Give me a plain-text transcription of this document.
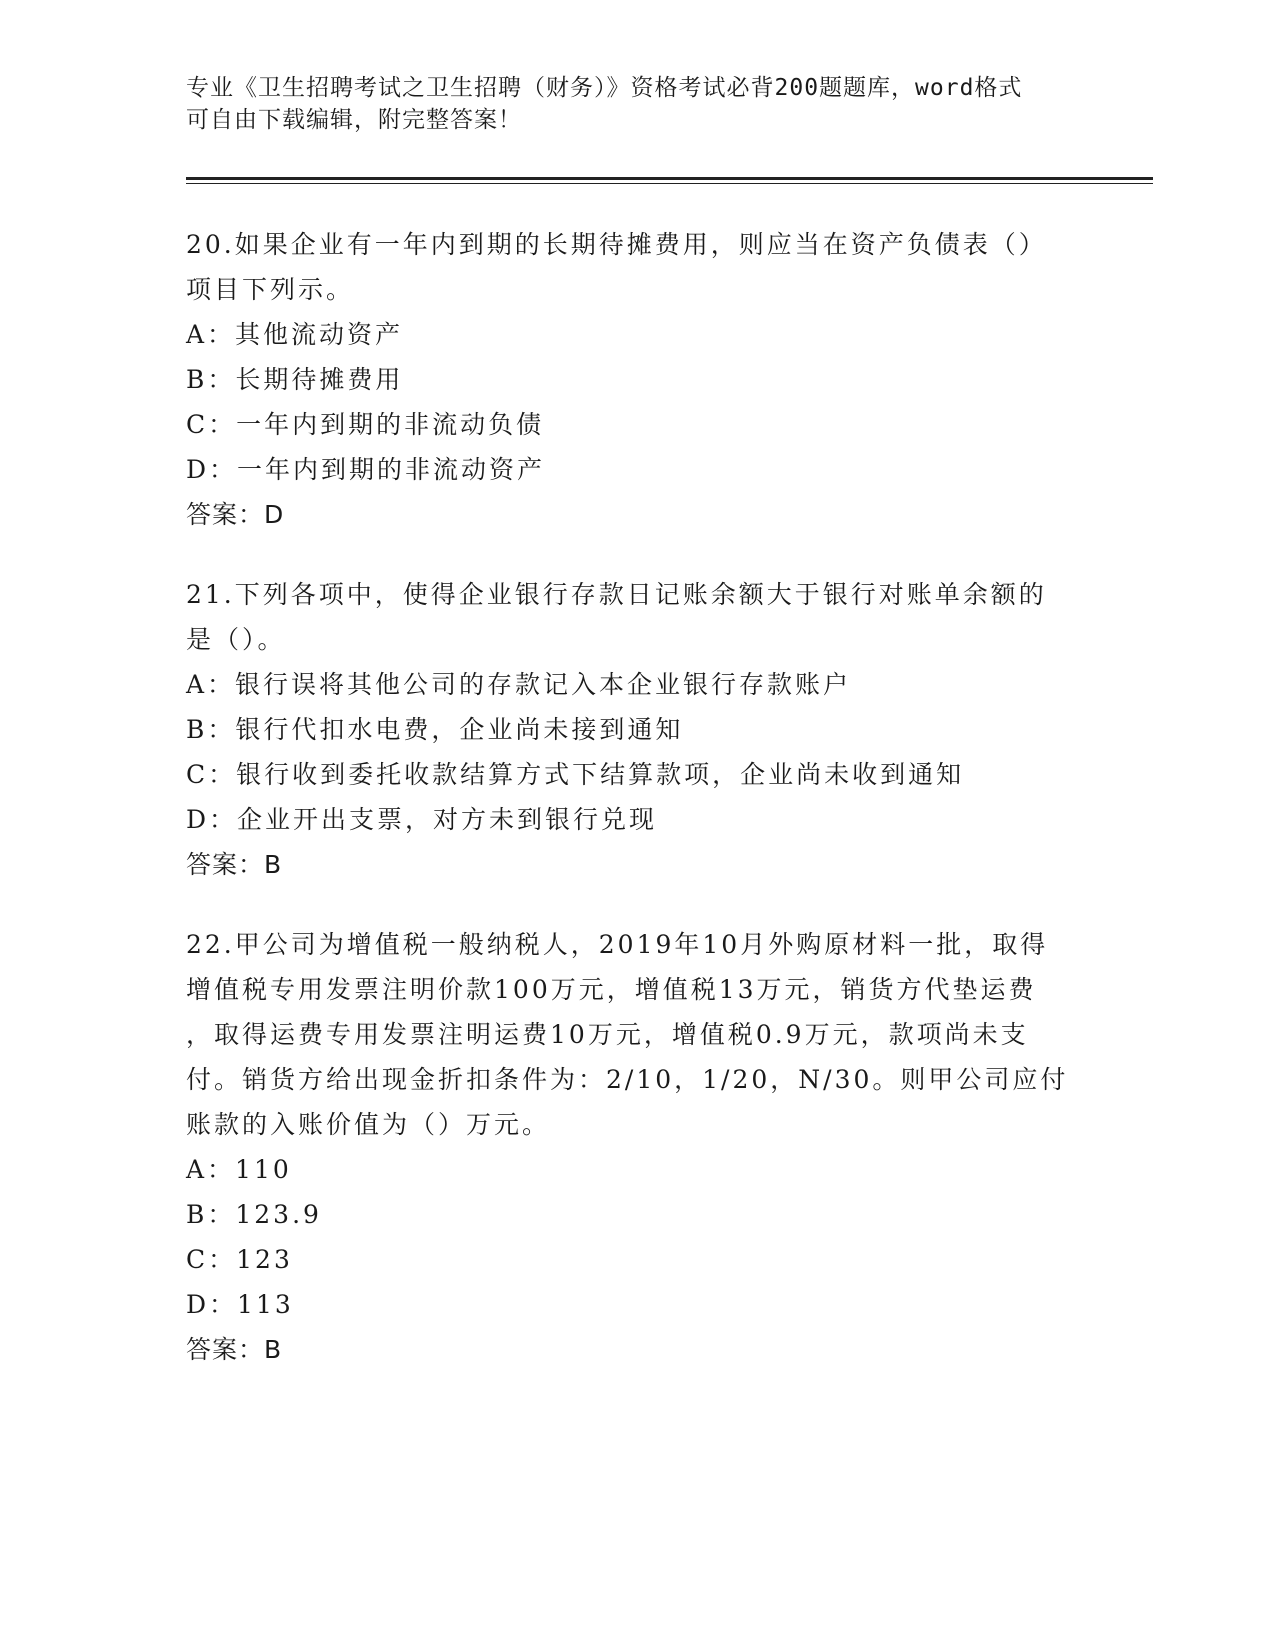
专业《卫生招聘考试之卫生招聘（财务）》资格考试必背200题题库，word格式
可自由下载编辑，附完整答案！
20.如果企业有一年内到期的长期待摊费用，则应当在资产负债表（）
项目下列示。
A：其他流动资产
B：长期待摊费用
C：一年内到期的非流动负债
D：一年内到期的非流动资产
答案：D
21.下列各项中，使得企业银行存款日记账余额大于银行对账单余额的
是（）。
A：银行误将其他公司的存款记入本企业银行存款账户
B：银行代扣水电费，企业尚未接到通知
C：银行收到委托收款结算方式下结算款项，企业尚未收到通知
D：企业开出支票，对方未到银行兑现
答案：B
22.甲公司为增值税一般纳税人，2019年10月外购原材料一批，取得
增值税专用发票注明价款100万元，增值税13万元，销货方代垫运费
，取得运费专用发票注明运费10万元，增值税0.9万元，款项尚未支
付。销货方给出现金折扣条件为：2/10，1/20，N/30。则甲公司应付
账款的入账价值为（）万元。
A：110
B：123.9
C：123
D：113
答案：B
